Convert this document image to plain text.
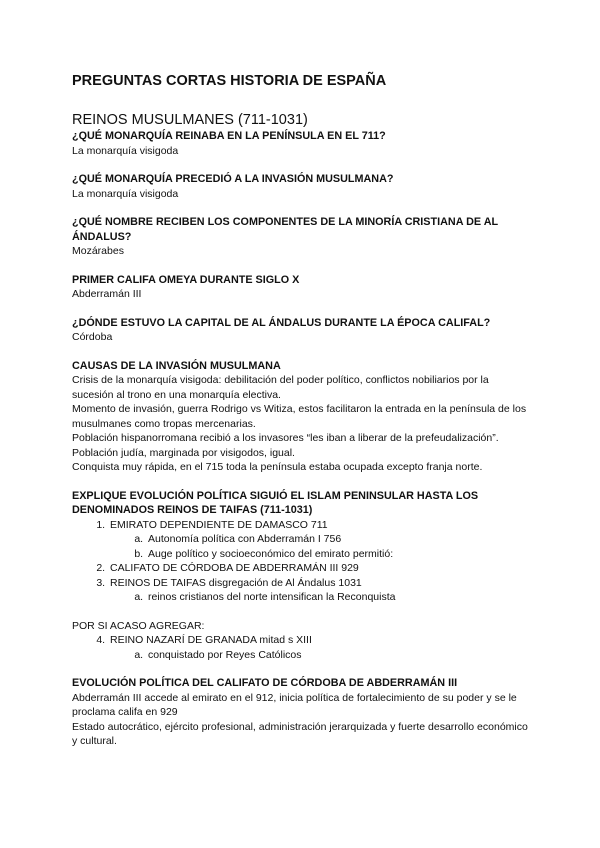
PREGUNTAS CORTAS HISTORIA DE ESPAÑA
REINOS MUSULMANES (711-1031)

¿QUÉ MONARQUÍA REINABA EN LA PENÍNSULA EN EL 711?

La monarquía visigoda

¿QUÉ MONARQUÍA PRECEDIÓ A LA INVASIÓN MUSULMANA?

La monarquía visigoda

¿QUÉ NOMBRE RECIBEN LOS COMPONENTES DE LA MINORÍA CRISTIANA DE AL ÁNDALUS?

Mozárabes

PRIMER CALIFA OMEYA DURANTE SIGLO X

Abderramán III

¿DÓNDE ESTUVO LA CAPITAL DE AL ÁNDALUS DURANTE LA ÉPOCA CALIFAL?

Córdoba

CAUSAS DE LA INVASIÓN MUSULMANA

Crisis de la monarquía visigoda: debilitación del poder político, conflictos nobiliarios por la sucesión al trono en una monarquía electiva.

Momento de invasión, guerra Rodrigo vs Witiza, estos facilitaron la entrada en la península de los musulmanes como tropas mercenarias.

Población hispanorromana recibió a los invasores “les iban a liberar de la prefeudalización”.

Población judía, marginada por visigodos, igual.

Conquista muy rápida, en el 715 toda la península estaba ocupada excepto franja norte.

EXPLIQUE EVOLUCIÓN POLÍTICA SIGUIÓ EL ISLAM PENINSULAR HASTA LOS DENOMINADOS REINOS DE TAIFAS (711-1031)

1. EMIRATO DEPENDIENTE DE DAMASCO 711
a. Autonomía política con Abderramán I 756
b. Auge político y socioeconómico del emirato permitió:
2. CALIFATO DE CÓRDOBA DE ABDERRAMÁN III 929
3. REINOS DE TAIFAS disgregación de Al Ándalus 1031
a. reinos cristianos del norte intensifican la Reconquista

POR SI ACASO AGREGAR:

4. REINO NAZARÍ DE GRANADA mitad s XIII
a. conquistado por Reyes Católicos

EVOLUCIÓN POLÍTICA DEL CALIFATO DE CÓRDOBA DE ABDERRAMÁN III

Abderramán III accede al emirato en el 912, inicia política de fortalecimiento de su poder y se le proclama califa en 929

Estado autocrático, ejército profesional, administración jerarquizada y fuerte desarrollo económico y cultural.
